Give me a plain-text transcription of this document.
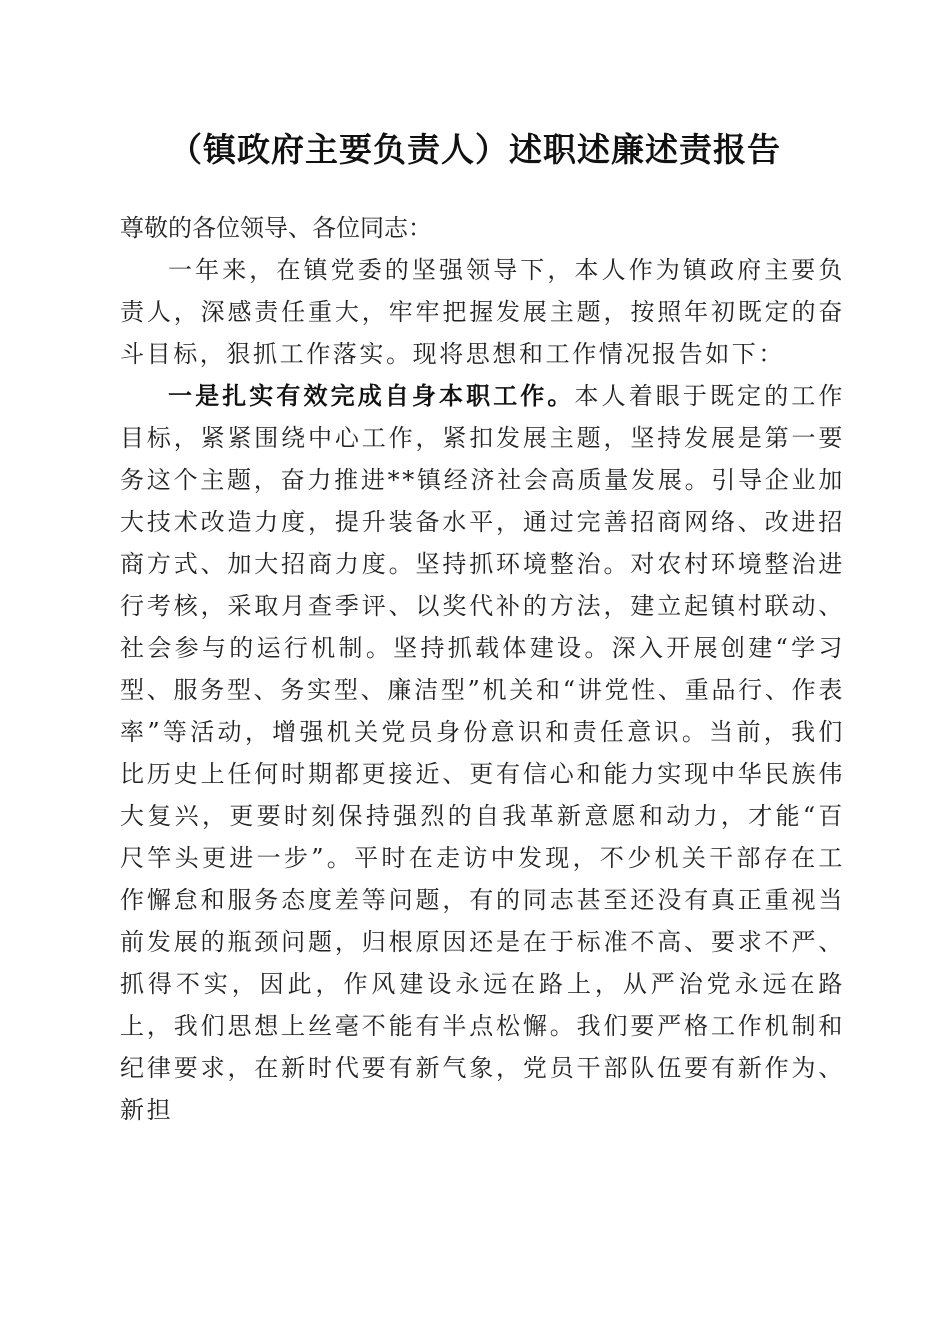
（镇政府主要负责人）述职述廉述责报告

尊敬的各位领导、各位同志：

一年来，在镇党委的坚强领导下，本人作为镇政府主要负责人，深感责任重大，牢牢把握发展主题，按照年初既定的奋斗目标，狠抓工作落实。现将思想和工作情况报告如下：

一是扎实有效完成自身本职工作。本人着眼于既定的工作目标，紧紧围绕中心工作，紧扣发展主题，坚持发展是第一要务这个主题，奋力推进**镇经济社会高质量发展。引导企业加大技术改造力度，提升装备水平，通过完善招商网络、改进招商方式、加大招商力度。坚持抓环境整治。对农村环境整治进行考核，采取月查季评、以奖代补的方法，建立起镇村联动、社会参与的运行机制。坚持抓载体建设。深入开展创建“学习型、服务型、务实型、廉洁型”机关和“讲党性、重品行、作表率”等活动，增强机关党员身份意识和责任意识。当前，我们比历史上任何时期都更接近、更有信心和能力实现中华民族伟大复兴，更要时刻保持强烈的自我革新意愿和动力，才能“百尺竿头更进一步”。平时在走访中发现，不少机关干部存在工作懈怠和服务态度差等问题，有的同志甚至还没有真正重视当前发展的瓶颈问题，归根原因还是在于标准不高、要求不严、抓得不实，因此，作风建设永远在路上，从严治党永远在路上，我们思想上丝毫不能有半点松懈。我们要严格工作机制和纪律要求，在新时代要有新气象，党员干部队伍要有新作为、新担
